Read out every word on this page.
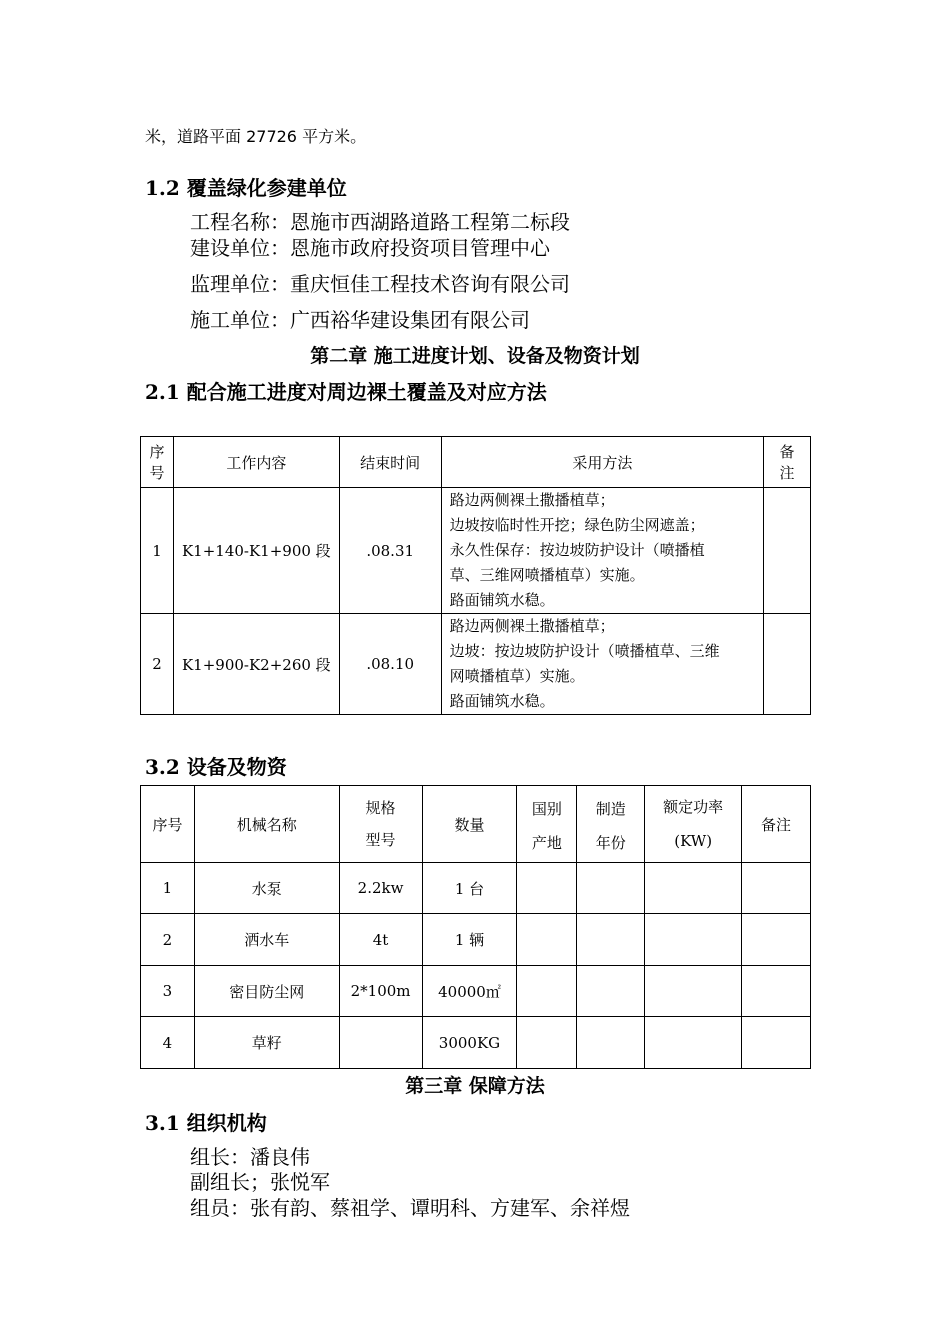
米，道路平面 27726 平方米。
1.2 覆盖绿化参建单位
工程名称：恩施市西湖路道路工程第二标段
建设单位：恩施市政府投资项目管理中心
监理单位：重庆恒佳工程技术咨询有限公司
施工单位：广西裕华建设集团有限公司
第二章 施工进度计划、设备及物资计划
2.1 配合施工进度对周边裸土覆盖及对应方法
序
号	工作内容	结束时间	采用方法	备
注

1	K1+140-K1+900 段	.08.31	路边两侧裸土撒播植草；
边坡按临时性开挖；绿色防尘网遮盖；
永久性保存：按边坡防护设计（喷播植
草、三维网喷播植草）实施。
路面铺筑水稳。	

2	K1+900-K2+260 段	.08.10	路边两侧裸土撒播植草；
边坡：按边坡防护设计（喷播植草、三维
网喷播植草）实施。
路面铺筑水稳。	

3.2 设备及物资
序号	机械名称	规格
型号	数量	国别
产地	制造
年份	额定功率
(KW)	备注
1	水泵	2.2kw	1 台				
2	洒水车	4t	1 辆				
3	密目防尘网	2*100m	40000㎡				
4	草籽		3000KG				
第三章 保障方法
3.1 组织机构
组长：潘良伟
副组长；张悦军
组员：张有韵、蔡祖学、谭明科、方建军、余祥煜
